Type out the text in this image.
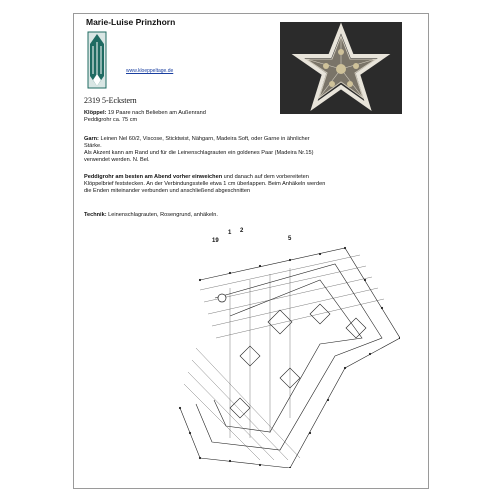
Marie-Luise Prinzhorn
www.kloeppeltage.de
2319 5-Eckstern
Klöppel: 19 Paare nach Belieben am Außenrand
Peddigrohr ca. 75 cm
Garn: Leinen Nel 60/2, Viscose, Sticktwist, Nähgarn, Madeira Soft, oder Garne in ähnlicher
Stärke.
Als Akzent kann am Rand und für die Leinenschlagrauten ein goldenes Paar (Madeira Nr.15)
verwendet werden. N. Bel.
Peddigrohr am besten am Abend vorher einweichen und danach auf dem vorbereiteten
Klöppelbrief feststecken. An der Verbindungsstelle etwa 1 cm überlappen. Beim Anhäkeln werden
die Enden miteinander verbunden und anschließend abgeschnitten
Technik: Leinenschlagrauten, Rosengrund, anhäkeln.
19
1 2
5
